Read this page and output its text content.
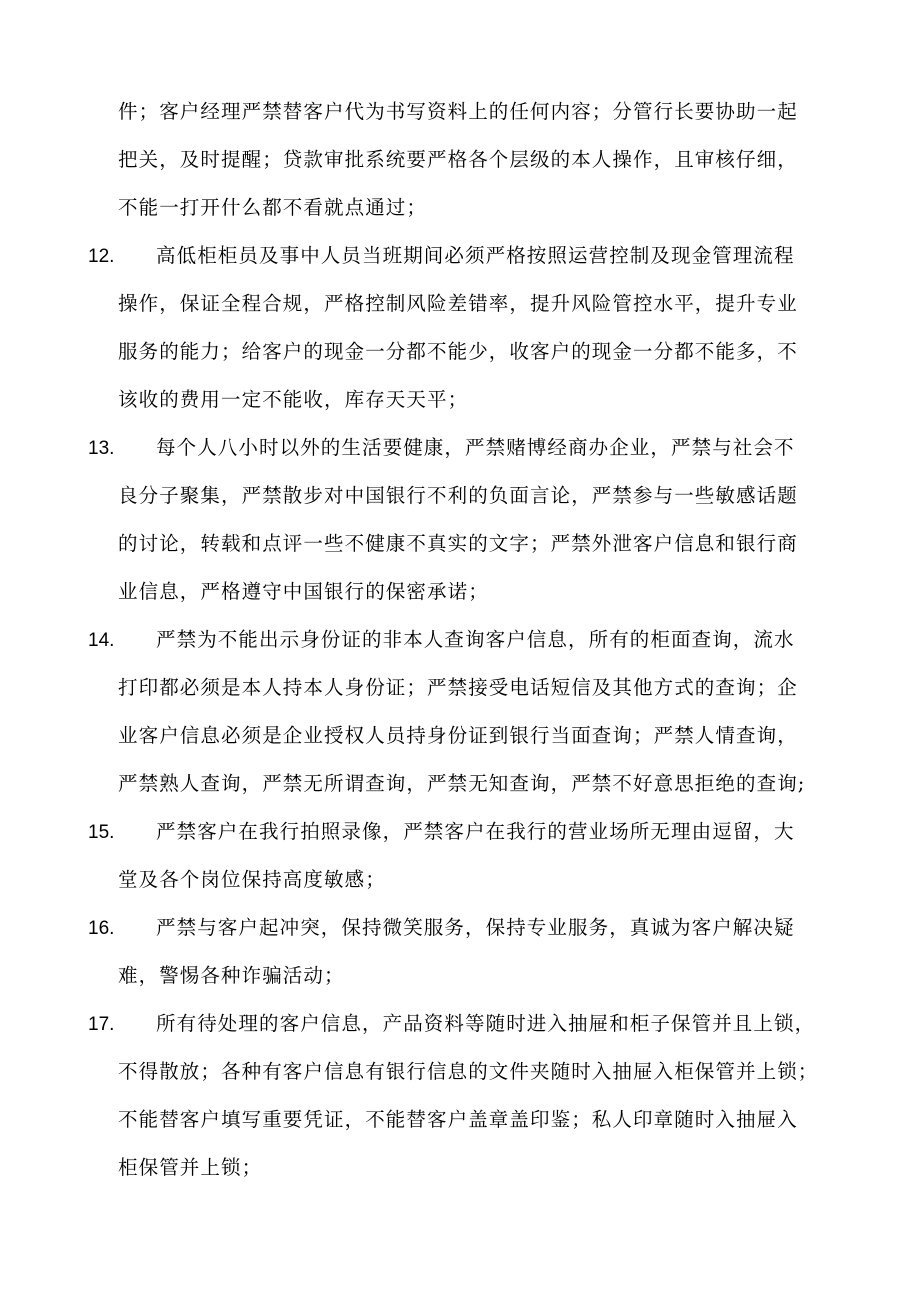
件；客户经理严禁替客户代为书写资料上的任何内容；分管行长要协助一起
把关，及时提醒；贷款审批系统要严格各个层级的本人操作，且审核仔细，
不能一打开什么都不看就点通过；
12. 高低柜柜员及事中人员当班期间必须严格按照运营控制及现金管理流程
操作，保证全程合规，严格控制风险差错率，提升风险管控水平，提升专业
服务的能力；给客户的现金一分都不能少，收客户的现金一分都不能多，不
该收的费用一定不能收，库存天天平；
13. 每个人八小时以外的生活要健康，严禁赌博经商办企业，严禁与社会不
良分子聚集，严禁散步对中国银行不利的负面言论，严禁参与一些敏感话题
的讨论，转载和点评一些不健康不真实的文字；严禁外泄客户信息和银行商
业信息，严格遵守中国银行的保密承诺；
14. 严禁为不能出示身份证的非本人查询客户信息，所有的柜面查询，流水
打印都必须是本人持本人身份证；严禁接受电话短信及其他方式的查询；企
业客户信息必须是企业授权人员持身份证到银行当面查询；严禁人情查询，
严禁熟人查询，严禁无所谓查询，严禁无知查询，严禁不好意思拒绝的查询;
15. 严禁客户在我行拍照录像，严禁客户在我行的营业场所无理由逗留，大
堂及各个岗位保持高度敏感；
16. 严禁与客户起冲突，保持微笑服务，保持专业服务，真诚为客户解决疑
难，警惕各种诈骗活动；
17. 所有待处理的客户信息，产品资料等随时进入抽屉和柜子保管并且上锁，
不得散放；各种有客户信息有银行信息的文件夹随时入抽屉入柜保管并上锁；
不能替客户填写重要凭证，不能替客户盖章盖印鉴；私人印章随时入抽屉入
柜保管并上锁；
